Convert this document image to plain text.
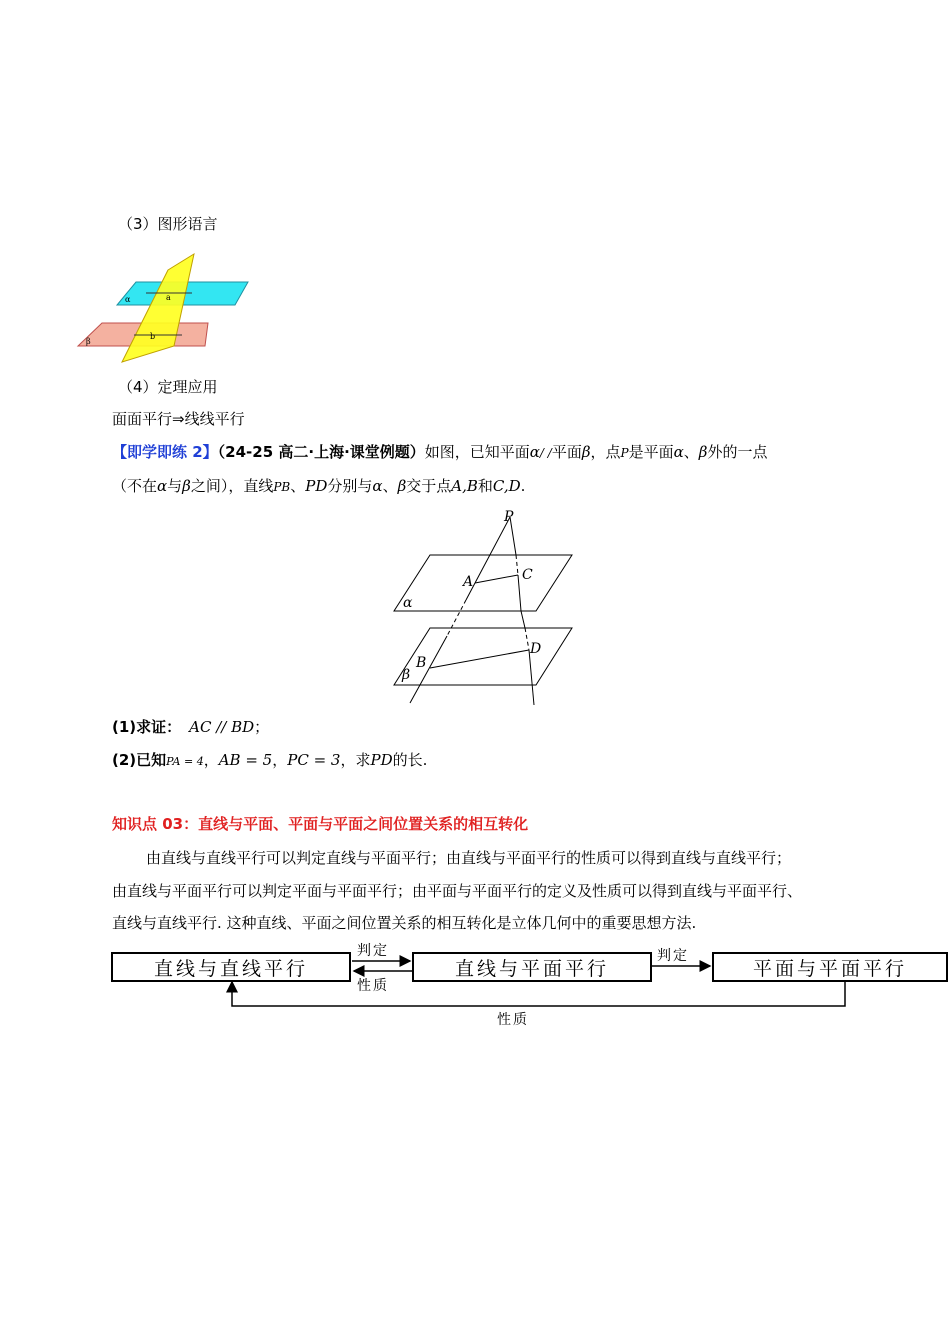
（3）图形语言
α
β
a
b
（4）定理应用
面面平行⇒线线平行
【即学即练 2】（24-25 高二·上海·课堂例题）如图，已知平面α/ /平面β，点P是平面α、β外的一点
（不在α与β之间），直线PB、PD分别与α、β交于点A,B和C,D.
P
A	C
B
D
α
β
(1)求证： AC // BD；
(2)已知PA = 4，AB = 5，PC = 3，求PD的长.
知识点 03：直线与平面、平面与平面之间位置关系的相互转化
由直线与直线平行可以判定直线与平面平行；由直线与平面平行的性质可以得到直线与直线平行；
由直线与平面平行可以判定平面与平面平行；由平面与平面平行的定义及性质可以得到直线与平面平行、
直线与直线平行. 这种直线、平面之间位置关系的相互转化是立体几何中的重要思想方法.
直线与直线平行	直线与平面平行	平面与平面平行
判定
性质
判定
性质
